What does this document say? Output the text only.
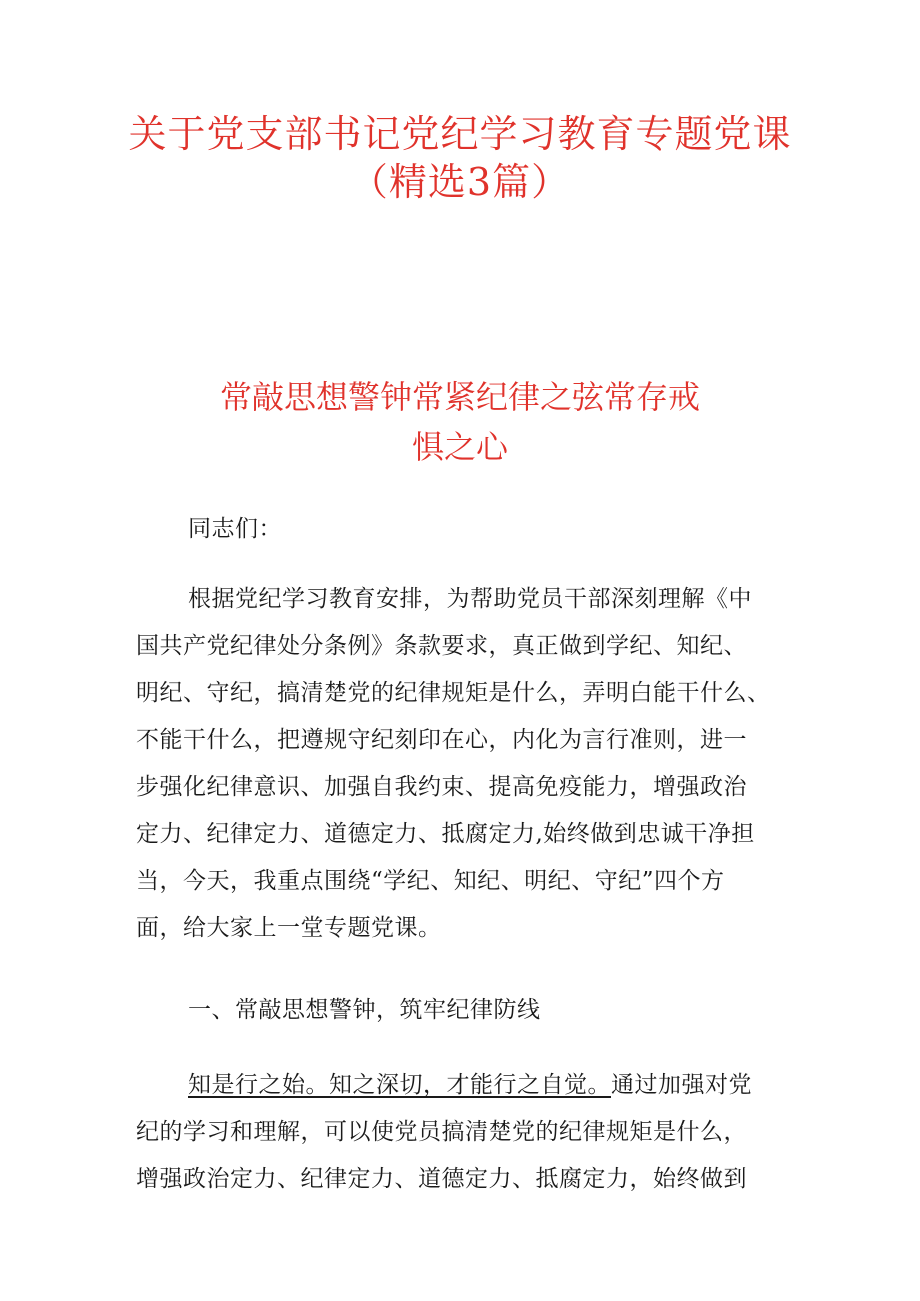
关于党支部书记党纪学习教育专题党课
（精选3篇）
常敲思想警钟常紧纪律之弦常存戒
惧之心

同志们：

根据党纪学习教育安排，为帮助党员干部深刻理解《中
国共产党纪律处分条例》条款要求，真正做到学纪、知纪、
明纪、守纪，搞清楚党的纪律规矩是什么，弄明白能干什么、
不能干什么，把遵规守纪刻印在心，内化为言行准则，进一
步强化纪律意识、加强自我约束、提高免疫能力，增强政治
定力、纪律定力、道德定力、抵腐定力,始终做到忠诚干净担
当，今天，我重点围绕“学纪、知纪、明纪、守纪”四个方
面，给大家上一堂专题党课。

一、常敲思想警钟，筑牢纪律防线

知是行之始。知之深切，才能行之自觉。通过加强对党
纪的学习和理解，可以使党员搞清楚党的纪律规矩是什么，
增强政治定力、纪律定力、道德定力、抵腐定力，始终做到
